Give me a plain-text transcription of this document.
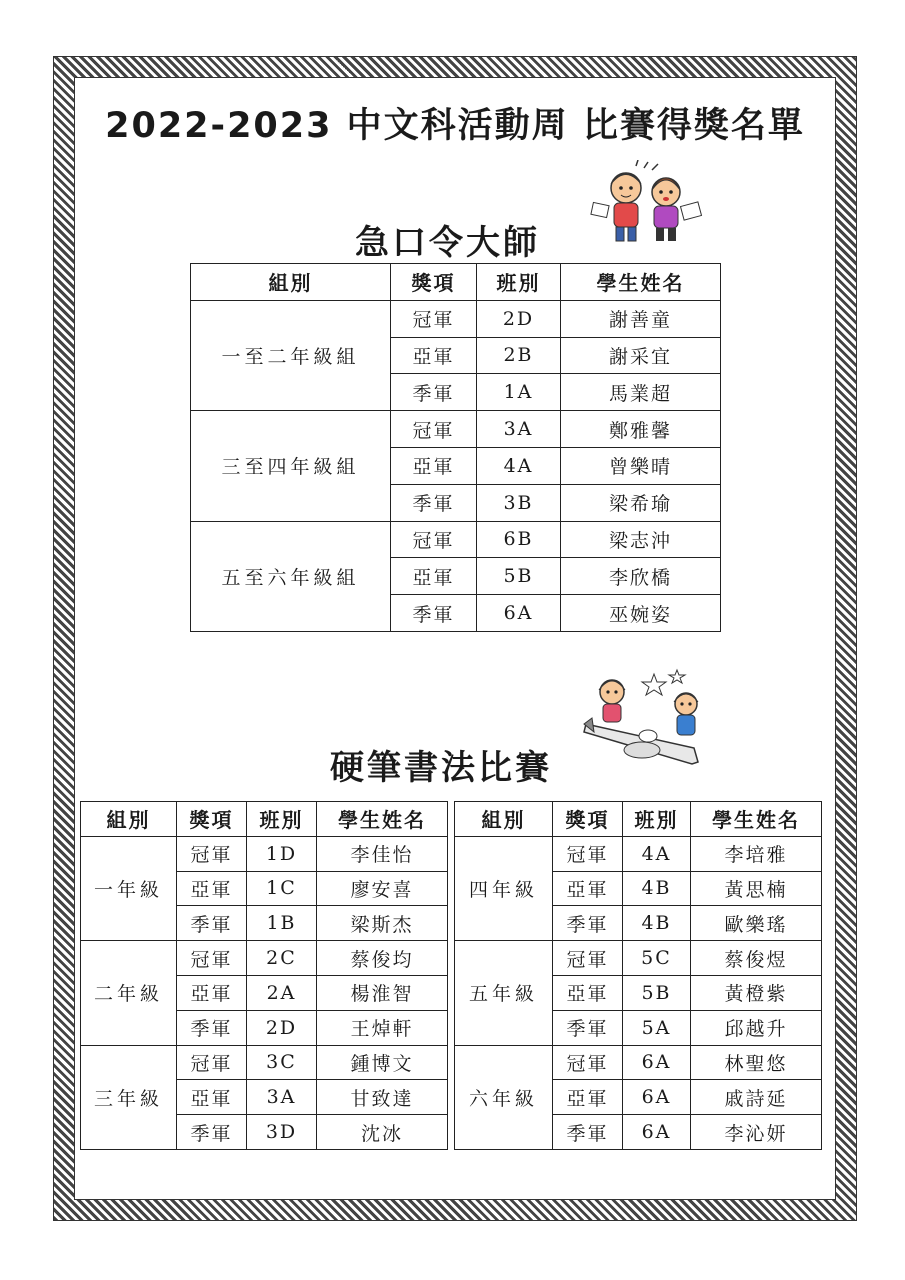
2022-2023 中文科活動周 比賽得獎名單
急口令大師
組別	獎項	班別	學生姓名
一至二年級組	冠軍	2D	謝善童
	亞軍	2B	謝采宜
	季軍	1A	馬業超
三至四年級組	冠軍	3A	鄭雅馨
	亞軍	4A	曾樂晴
	季軍	3B	梁希瑜
五至六年級組	冠軍	6B	梁志沖
	亞軍	5B	李欣橋
	季軍	6A	巫婉姿
硬筆書法比賽
組別	獎項	班別	學生姓名
一年級	冠軍	1D	李佳怡
	亞軍	1C	廖安喜
	季軍	1B	梁斯杰
二年級	冠軍	2C	蔡俊均
	亞軍	2A	楊淮智
	季軍	2D	王焯軒
三年級	冠軍	3C	鍾博文
	亞軍	3A	甘致達
	季軍	3D	沈冰
組別	獎項	班別	學生姓名
四年級	冠軍	4A	李培雅
	亞軍	4B	黃思楠
	季軍	4B	歐樂瑤
五年級	冠軍	5C	蔡俊煜
	亞軍	5B	黃橙紫
	季軍	5A	邱越升
六年級	冠軍	6A	林聖悠
	亞軍	6A	戚詩延
	季軍	6A	李沁妍
